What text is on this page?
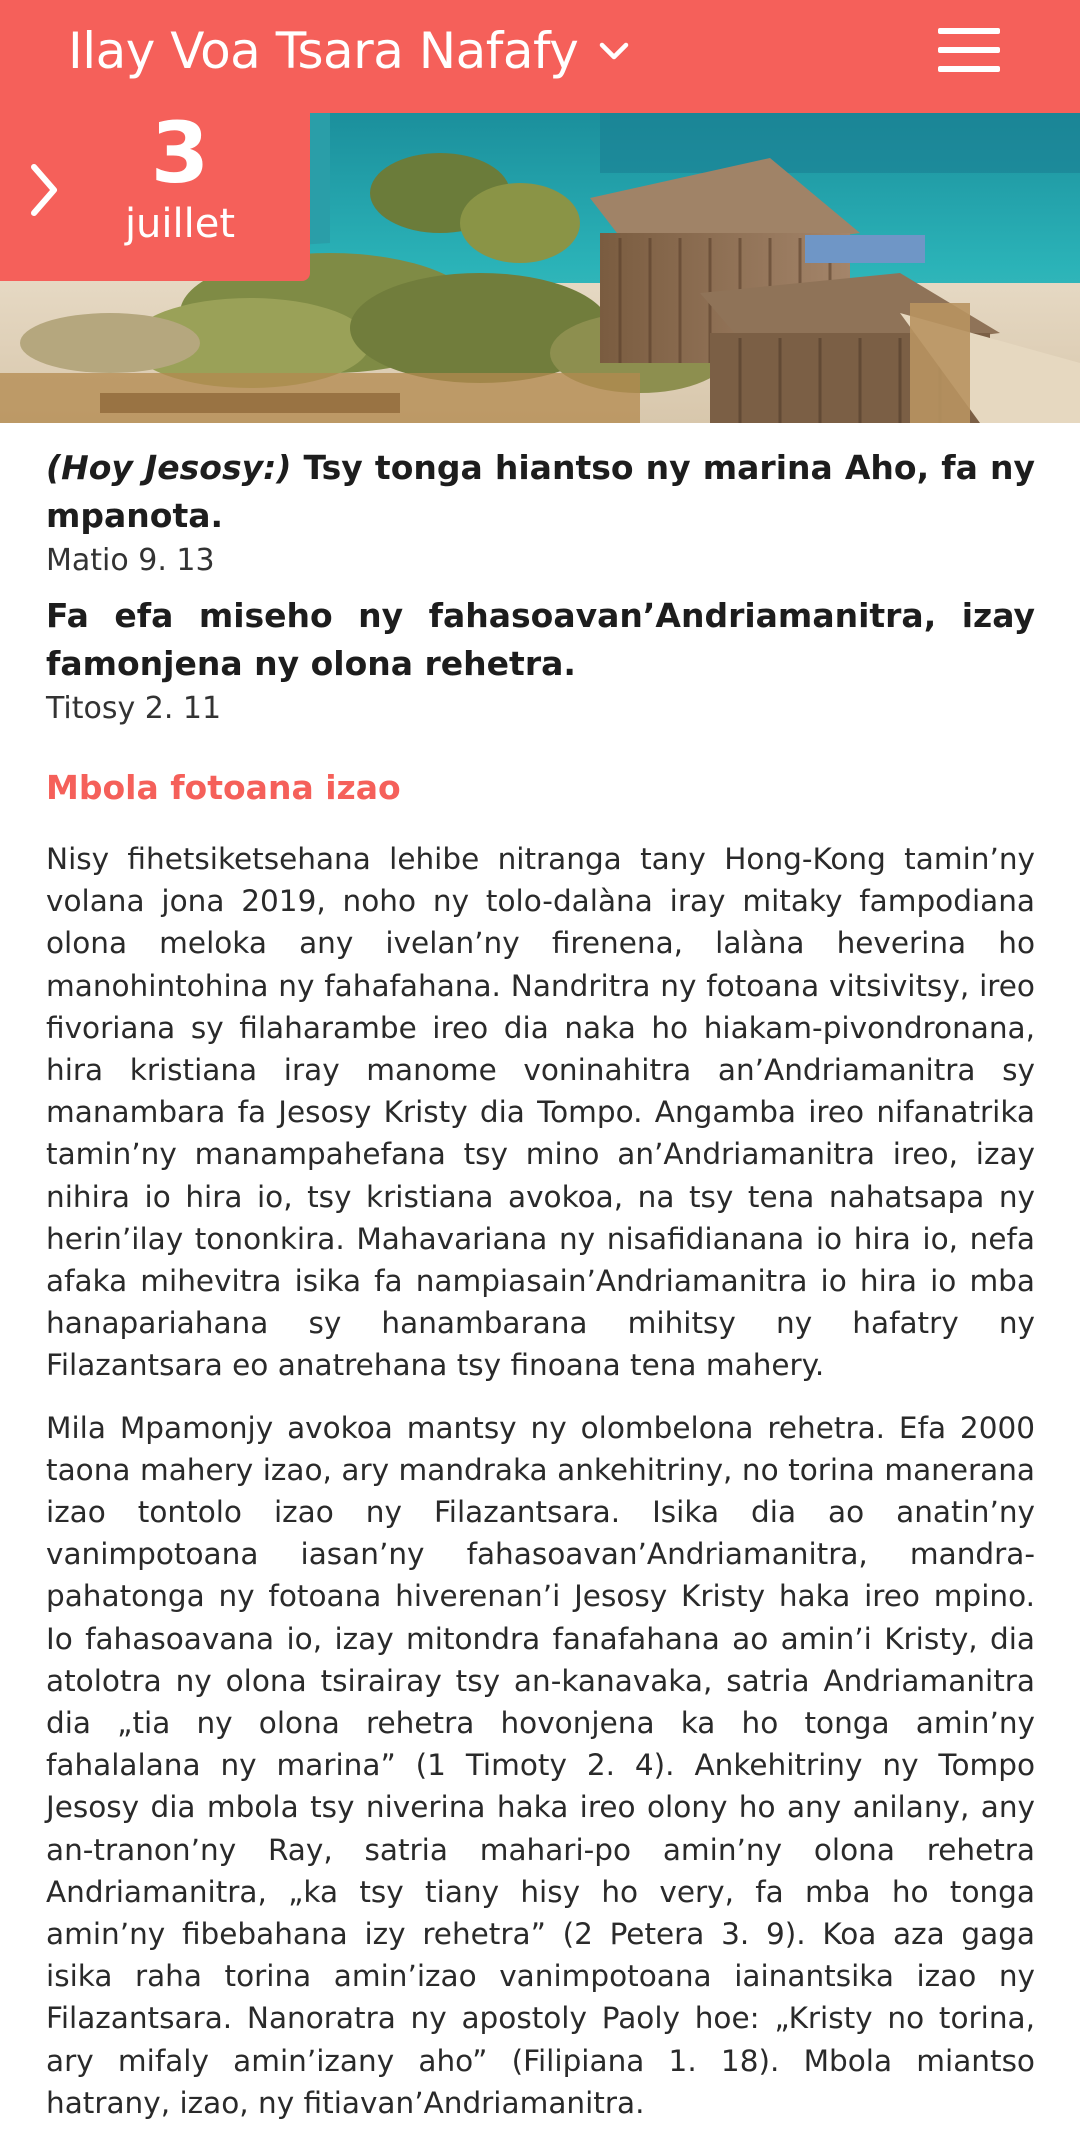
Ilay Voa Tsara Nafafy
3
juillet
(Hoy Jesosy:) Tsy tonga hiantso ny marina Aho, fa ny mpanota.
Matio 9. 13
Fa efa miseho ny fahasoavan’Andriamanitra, izay famonjena ny olona rehetra.
Titosy 2. 11
Mbola fotoana izao

Nisy fihetsiketsehana lehibe nitranga tany Hong-Kong tamin’ny volana jona 2019, noho ny tolo-dalàna iray mitaky fampodiana olona meloka any ivelan’ny firenena, lalàna heverina ho manohintohina ny fahafahana. Nandritra ny fotoana vitsivitsy, ireo fivoriana sy filaharambe ireo dia naka ho hiakam-pivondronana, hira kristiana iray manome voninahitra an’Andriamanitra sy manambara fa Jesosy Kristy dia Tompo. Angamba ireo nifanatrika tamin’ny manampahefana tsy mino an’Andriamanitra ireo, izay nihira io hira io, tsy kristiana avokoa, na tsy tena nahatsapa ny herin’ilay tononkira. Mahavariana ny nisafidianana io hira io, nefa afaka mihevitra isika fa nampiasain’Andriamanitra io hira io mba hanapariahana sy hanambarana mihitsy ny hafatry ny Filazantsara eo anatrehana tsy finoana tena mahery.

Mila Mpamonjy avokoa mantsy ny olombelona rehetra. Efa 2000 taona mahery izao, ary mandraka ankehitriny, no torina manerana izao tontolo izao ny Filazantsara. Isika dia ao anatin’ny vanimpotoana iasan’ny fahasoavan’Andriamanitra, mandra-pahatonga ny fotoana hiverenan’i Jesosy Kristy haka ireo mpino. Io fahasoavana io, izay mitondra fanafahana ao amin’i Kristy, dia atolotra ny olona tsirairay tsy an-kanavaka, satria Andriamanitra dia „tia ny olona rehetra hovonjena ka ho tonga amin’ny fahalalana ny marina” (1 Timoty 2. 4). Ankehitriny ny Tompo Jesosy dia mbola tsy niverina haka ireo olony ho any anilany, any an-tranon’ny Ray, satria mahari-po amin’ny olona rehetra Andriamanitra, „ka tsy tiany hisy ho very, fa mba ho tonga amin’ny fibebahana izy rehetra” (2 Petera 3. 9). Koa aza gaga isika raha torina amin’izao vanimpotoana iainantsika izao ny Filazantsara. Nanoratra ny apostoly Paoly hoe: „Kristy no torina, ary mifaly amin’izany aho” (Filipiana 1. 18). Mbola miantso hatrany, izao, ny fitiavan’Andriamanitra.
